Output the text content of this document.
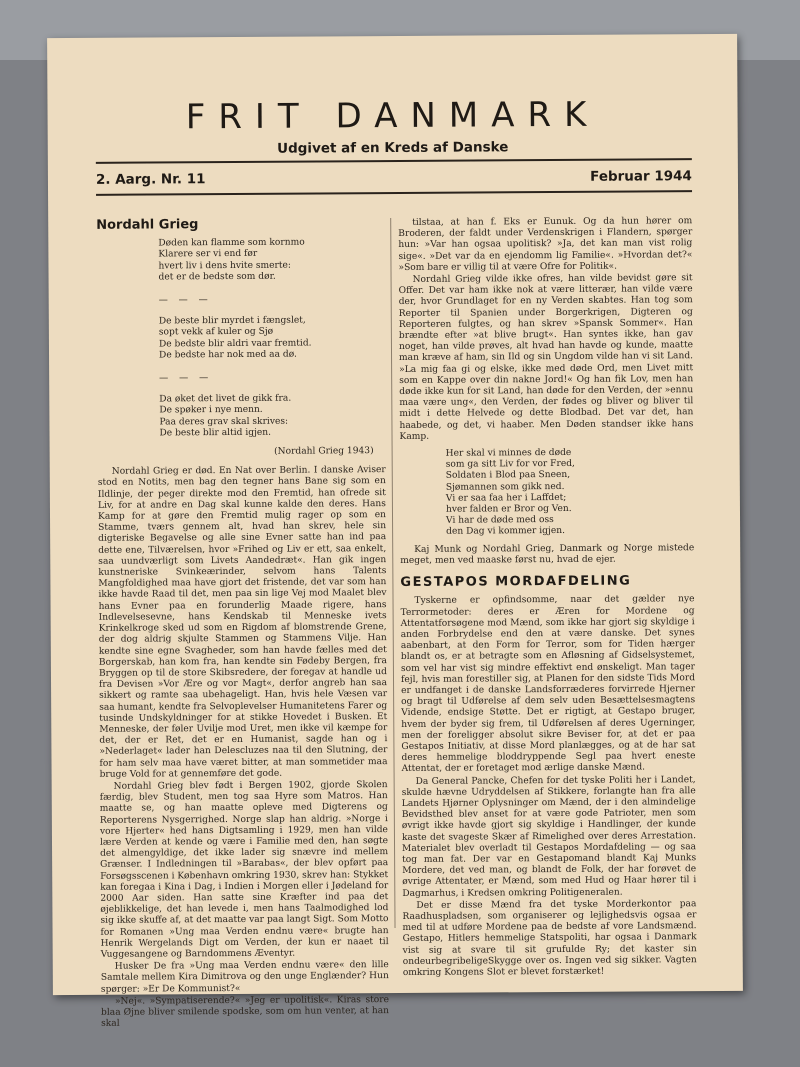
FRIT DANMARK
Udgivet af en Kreds af Danske
2. Aarg. Nr. 11	Februar 1944
Nordahl Grieg
Døden kan flamme som kornmo
Klarere ser vi end før
hvert liv i dens hvite smerte:
det er de bedste som dør.
— — —
De beste blir myrdet i fængslet,
sopt vekk af kuler og Sjø
De bedste blir aldri vaar fremtid.
De bedste har nok med aa dø.
— — —
Da øket det livet de gikk fra.
De spøker i nye menn.
Paa deres grav skal skrives:
De beste blir altid igjen.
(Nordahl Grieg 1943)

Nordahl Grieg er død. En Nat over Berlin. I danske Aviser stod en Notits, men bag den tegner hans Bane sig som en Ildlinje, der peger direkte mod den Fremtid, han ofrede sit Liv, for at andre en Dag skal kunne kalde den deres. Hans Kamp for at gøre den Fremtid mulig rager op som en Stamme, tværs gennem alt, hvad han skrev, hele sin digteriske Begavelse og alle sine Evner satte han ind paa dette ene, Tilværelsen, hvor »Frihed og Liv er ett, saa enkelt, saa uundværligt som Livets Aandedræt«. Han gik ingen kunstneriske Svinkeærinder, selvom hans Talents Mangfoldighed maa have gjort det fristende, det var som han ikke havde Raad til det, men paa sin lige Vej mod Maalet blev hans Evner paa en forunderlig Maade rigere, hans Indlevelsesevne, hans Kendskab til Menneske ivets Krinkelkroge sked ud som en Rigdom af blomstrende Grene, der dog aldrig skjulte Stammen og Stammens Vilje. Han kendte sine egne Svagheder, som han havde fælles med det Borgerskab, han kom fra, han kendte sin Fødeby Bergen, fra Bryggen op til de store Skibsredere, der foregav at handle ud fra Devisen »Vor Ære og vor Magt«, derfor angreb han saa sikkert og ramte saa ubehageligt. Han, hvis hele Væsen var saa humant, kendte fra Selvoplevelser Humanitetens Farer og tusinde Undskyldninger for at stikke Hovedet i Busken. Et Menneske, der føler Uvilje mod Uret, men ikke vil kæmpe for det, der er Ret, det er en Humanist, sagde han og i »Nederlaget« lader han Delescluzes naa til den Slutning, der for ham selv maa have været bitter, at man sommetider maa bruge Vold for at gennemføre det gode.

Nordahl Grieg blev født i Bergen 1902, gjorde Skolen færdig, blev Student, men tog saa Hyre som Matros. Han maatte se, og han maatte opleve med Digterens og Reporterens Nysgerrighed. Norge slap han aldrig. »Norge i vore Hjerter« hed hans Digtsamling i 1929, men han vilde lære Verden at kende og være i Familie med den, han søgte det almengyldige, det ikke lader sig snævre ind mellem Grænser. I Indledningen til »Barabas«, der blev opført paa Forsøgsscenen i København omkring 1930, skrev han: Stykket kan foregaa i Kina i Dag, i Indien i Morgen eller i Jødeland for 2000 Aar siden. Han satte sine Kræfter ind paa det øjeblikkelige, det han levede i, men hans Taalmodighed lod sig ikke skuffe af, at det maatte var paa langt Sigt. Som Motto for Romanen »Ung maa Verden endnu være« brugte han Henrik Wergelands Digt om Verden, der kun er naaet til Vuggesangene og Barndommens Æventyr.

Husker De fra »Ung maa Verden endnu være« den lille Samtale mellem Kira Dimitrova og den unge Englænder? Hun spørger: »Er De Kommunist?«

»Nej«. »Sympatiserende?« »Jeg er upolitisk«. Kiras store blaa Øjne bliver smilende spodske, som om hun venter, at han skal

tilstaa, at han f. Eks er Eunuk. Og da hun hører om Broderen, der faldt under Verdenskrigen i Flandern, spørger hun: »Var han ogsaa upolitisk? »Ja, det kan man vist rolig sige«. »Det var da en ejendomm lig Familie«. »Hvordan det?« »Som bare er villig til at være Ofre for Politik«.

Nordahl Grieg vilde ikke ofres, han vilde bevidst gøre sit Offer. Det var ham ikke nok at være litterær, han vilde være der, hvor Grundlaget for en ny Verden skabtes. Han tog som Reporter til Spanien under Borgerkrigen, Digteren og Reporteren fulgtes, og han skrev »Spansk Sommer«. Han brændte efter »at blive brugt«. Han syntes ikke, han gav noget, han vilde prøves, alt hvad han havde og kunde, maatte man kræve af ham, sin Ild og sin Ungdom vilde han vi sit Land. »La mig faa gi og elske, ikke med døde Ord, men Livet mitt som en Kappe over din nakne Jord!« Og han fik Lov, men han døde ikke kun for sit Land, han døde for den Verden, der »ennu maa være ung«, den Verden, der fødes og bliver og bliver til midt i dette Helvede og dette Blodbad. Det var det, han haabede, og det, vi haaber. Men Døden standser ikke hans Kamp.

Her skal vi minnes de døde
som ga sitt Liv for vor Fred,
Soldaten i Blod paa Sneen,
Sjømannen som gikk ned.
Vi er saa faa her i Laffdet;
hver falden er Bror og Ven.
Vi har de døde med oss
den Dag vi kommer igjen.

Kaj Munk og Nordahl Grieg, Danmark og Norge mistede meget, men ved maaske først nu, hvad de ejer.

GESTAPOS MORDAFDELING

Tyskerne er opfindsomme, naar det gælder nye Terrormetoder: deres er Æren for Mordene og Attentatforsøgene mod Mænd, som ikke har gjort sig skyldige i anden Forbrydelse end den at være danske. Det synes aabenbart, at den Form for Terror, som for Tiden hærger blandt os, er at betragte som en Afløsning af Gidselsystemet, som vel har vist sig mindre effektivt end ønskeligt. Man tager fejl, hvis man forestiller sig, at Planen for den sidste Tids Mord er undfanget i de danske Landsforræderes forvirrede Hjerner og bragt til Udførelse af dem selv uden Besættelsesmagtens Vidende, endsige Støtte. Det er rigtigt, at Gestapo bruger, hvem der byder sig frem, til Udførelsen af deres Ugerninger, men der foreligger absolut sikre Beviser for, at det er paa Gestapos Initiativ, at disse Mord planlægges, og at de har sat deres hemmelige bloddryppende Segl paa hvert eneste Attentat, der er foretaget mod ærlige danske Mænd.

Da General Pancke, Chefen for det tyske Politi her i Landet, skulde hævne Udryddelsen af Stikkere, forlangte han fra alle Landets Hjørner Oplysninger om Mænd, der i den almindelige Bevidsthed blev anset for at være gode Patrioter, men som øvrigt ikke havde gjort sig skyldige i Handlinger, der kunde kaste det svageste Skær af Rimelighed over deres Arrestation. Materialet blev overladt til Gestapos Mordafdeling — og saa tog man fat. Der var en Gestapomand blandt Kaj Munks Mordere, det ved man, og blandt de Folk, der har forøvet de øvrige Attentater, er Mænd, som med Hud og Haar hører til i Dagmarhus, i Kredsen omkring Politigeneralen.

Det er disse Mænd fra det tyske Morderkontor paa Raadhuspladsen, som organiserer og lejlighedsvis ogsaa er med til at udføre Mordene paa de bedste af vore Landsmænd. Gestapo, Hitlers hemmelige Statspoliti, har ogsaa i Danmark vist sig at svare til sit grufulde Ry; det kaster sin ondeurbegribeligeSkygge over os. Ingen ved sig sikker. Vagten omkring Kongens Slot er blevet forstærket!
